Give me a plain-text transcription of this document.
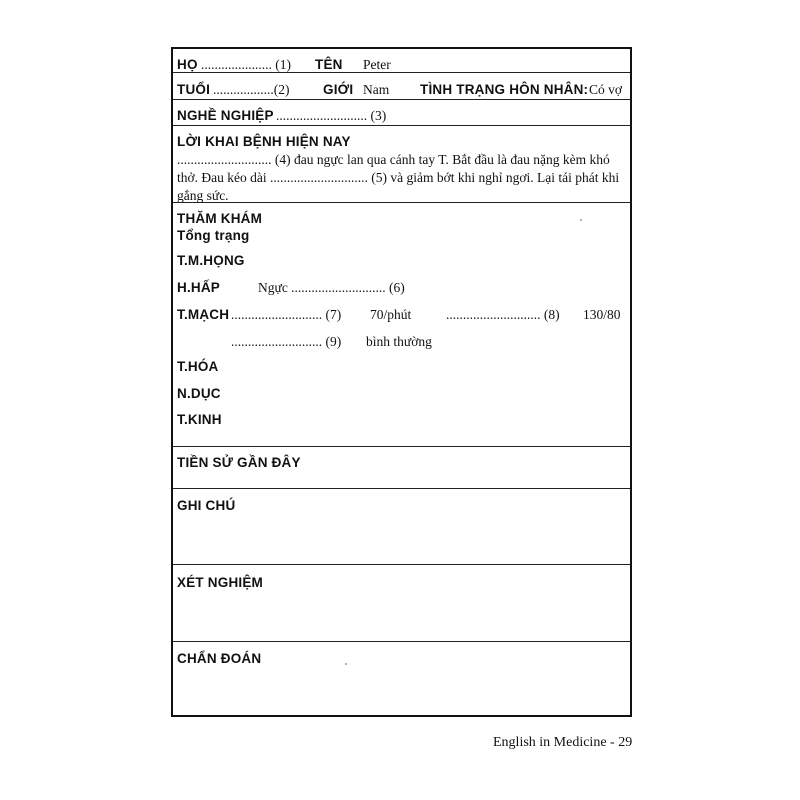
HỌ ..................... (1) TÊN Peter
TUỔI ..................(2) GIỚI Nam TÌNH TRẠNG HÔN NHÂN: Có vợ
NGHỀ NGHIỆP ........................... (3)
LỜI KHAI BỆNH HIỆN NAY
............................ (4) đau ngực lan qua cánh tay T. Bắt đầu là đau nặng kèm khó
thở. Đau kéo dài ............................. (5) và giảm bớt khi nghỉ ngơi. Lại tái phát khi
gắng sức.
THĂM KHÁM
Tổng trạng
T.M.HỌNG
H.HẤP	Ngực ............................ (6)
T.MẠCH ........................... (7) 70/phút	............................ (8) 130/80
........................... (9) bình thường
T.HÓA
N.DỤC
T.KINH
TIỀN SỬ GẦN ĐÂY
GHI CHÚ
XÉT NGHIỆM
CHẨN ĐOÁN
English in Medicine - 29
